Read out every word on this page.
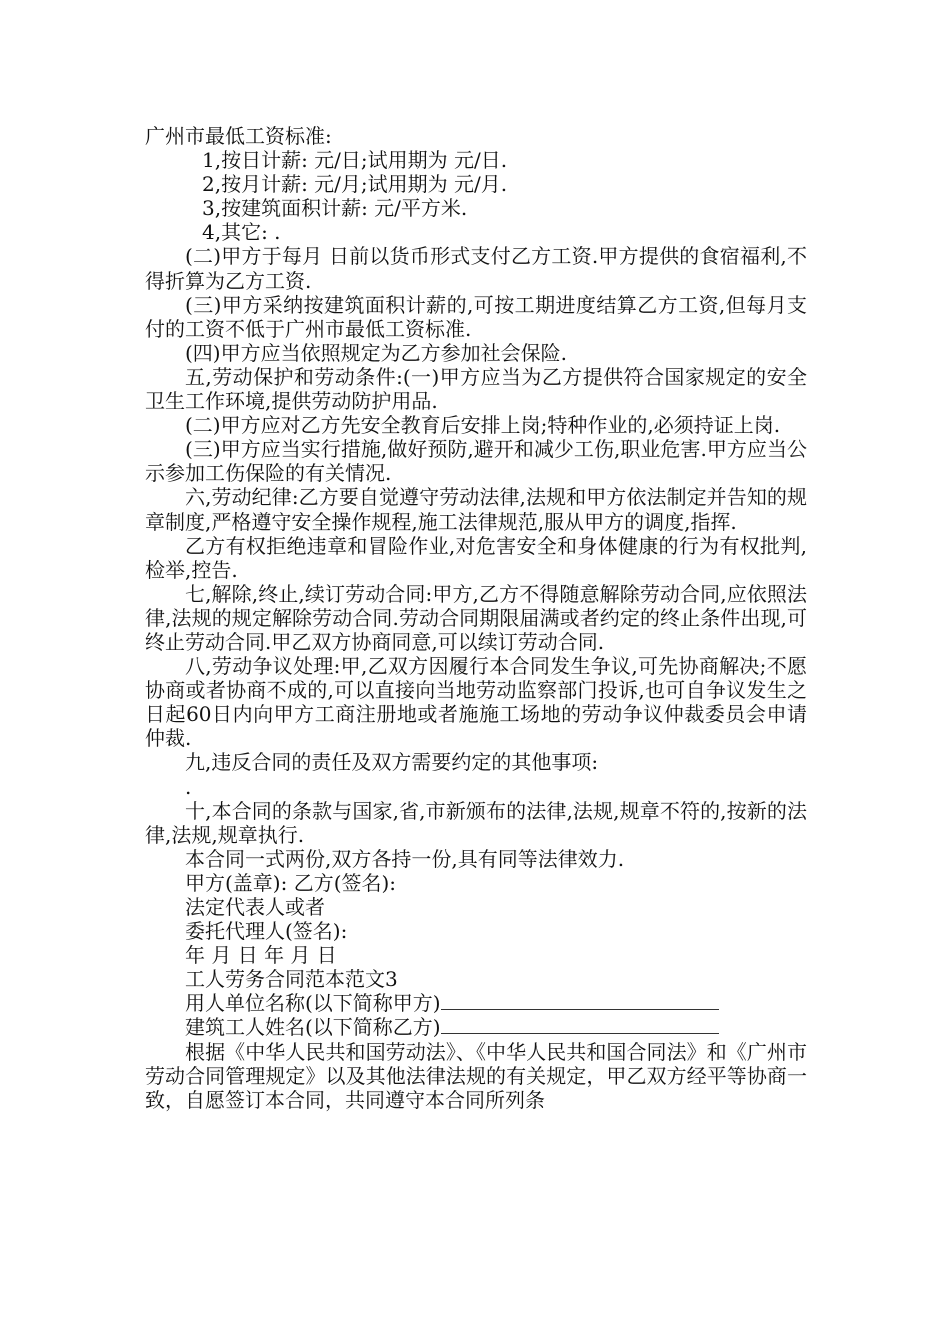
广州市最低工资标准:
1,按日计薪: 元/日;试用期为 元/日.
2,按月计薪: 元/月;试用期为 元/月.
3,按建筑面积计薪: 元/平方米.
4,其它: .

(二)甲方于每月 日前以货币形式支付乙方工资.甲方提供的食宿福利,不得折算为乙方工资.

(三)甲方采纳按建筑面积计薪的,可按工期进度结算乙方工资,但每月支付的工资不低于广州市最低工资标准.

(四)甲方应当依照规定为乙方参加社会保险.

五,劳动保护和劳动条件:(一)甲方应当为乙方提供符合国家规定的安全卫生工作环境,提供劳动防护用品.

(二)甲方应对乙方先安全教育后安排上岗;特种作业的,必须持证上岗.

(三)甲方应当实行措施,做好预防,避开和减少工伤,职业危害.甲方应当公示参加工伤保险的有关情况.

六,劳动纪律:乙方要自觉遵守劳动法律,法规和甲方依法制定并告知的规章制度,严格遵守安全操作规程,施工法律规范,服从甲方的调度,指挥.

乙方有权拒绝违章和冒险作业,对危害安全和身体健康的行为有权批判,检举,控告.

七,解除,终止,续订劳动合同:甲方,乙方不得随意解除劳动合同,应依照法律,法规的规定解除劳动合同.劳动合同期限届满或者约定的终止条件出现,可终止劳动合同.甲乙双方协商同意,可以续订劳动合同.

八,劳动争议处理:甲,乙双方因履行本合同发生争议,可先协商解决;不愿协商或者协商不成的,可以直接向当地劳动监察部门投诉,也可自争议发生之日起60日内向甲方工商注册地或者施施工场地的劳动争议仲裁委员会申请仲裁.

九,违反合同的责任及双方需要约定的其他事项:

.

十,本合同的条款与国家,省,市新颁布的法律,法规,规章不符的,按新的法律,法规,规章执行.

本合同一式两份,双方各持一份,具有同等法律效力.

甲方(盖章): 乙方(签名):

法定代表人或者

委托代理人(签名):

年 月 日 年 月 日

工人劳务合同范本范文3

用人单位名称(以下简称甲方)

建筑工人姓名(以下简称乙方)

根据《中华人民共和国劳动法》、《中华人民共和国合同法》和《广州市劳动合同管理规定》以及其他法律法规的有关规定，甲乙双方经平等协商一致，自愿签订本合同，共同遵守本合同所列条
